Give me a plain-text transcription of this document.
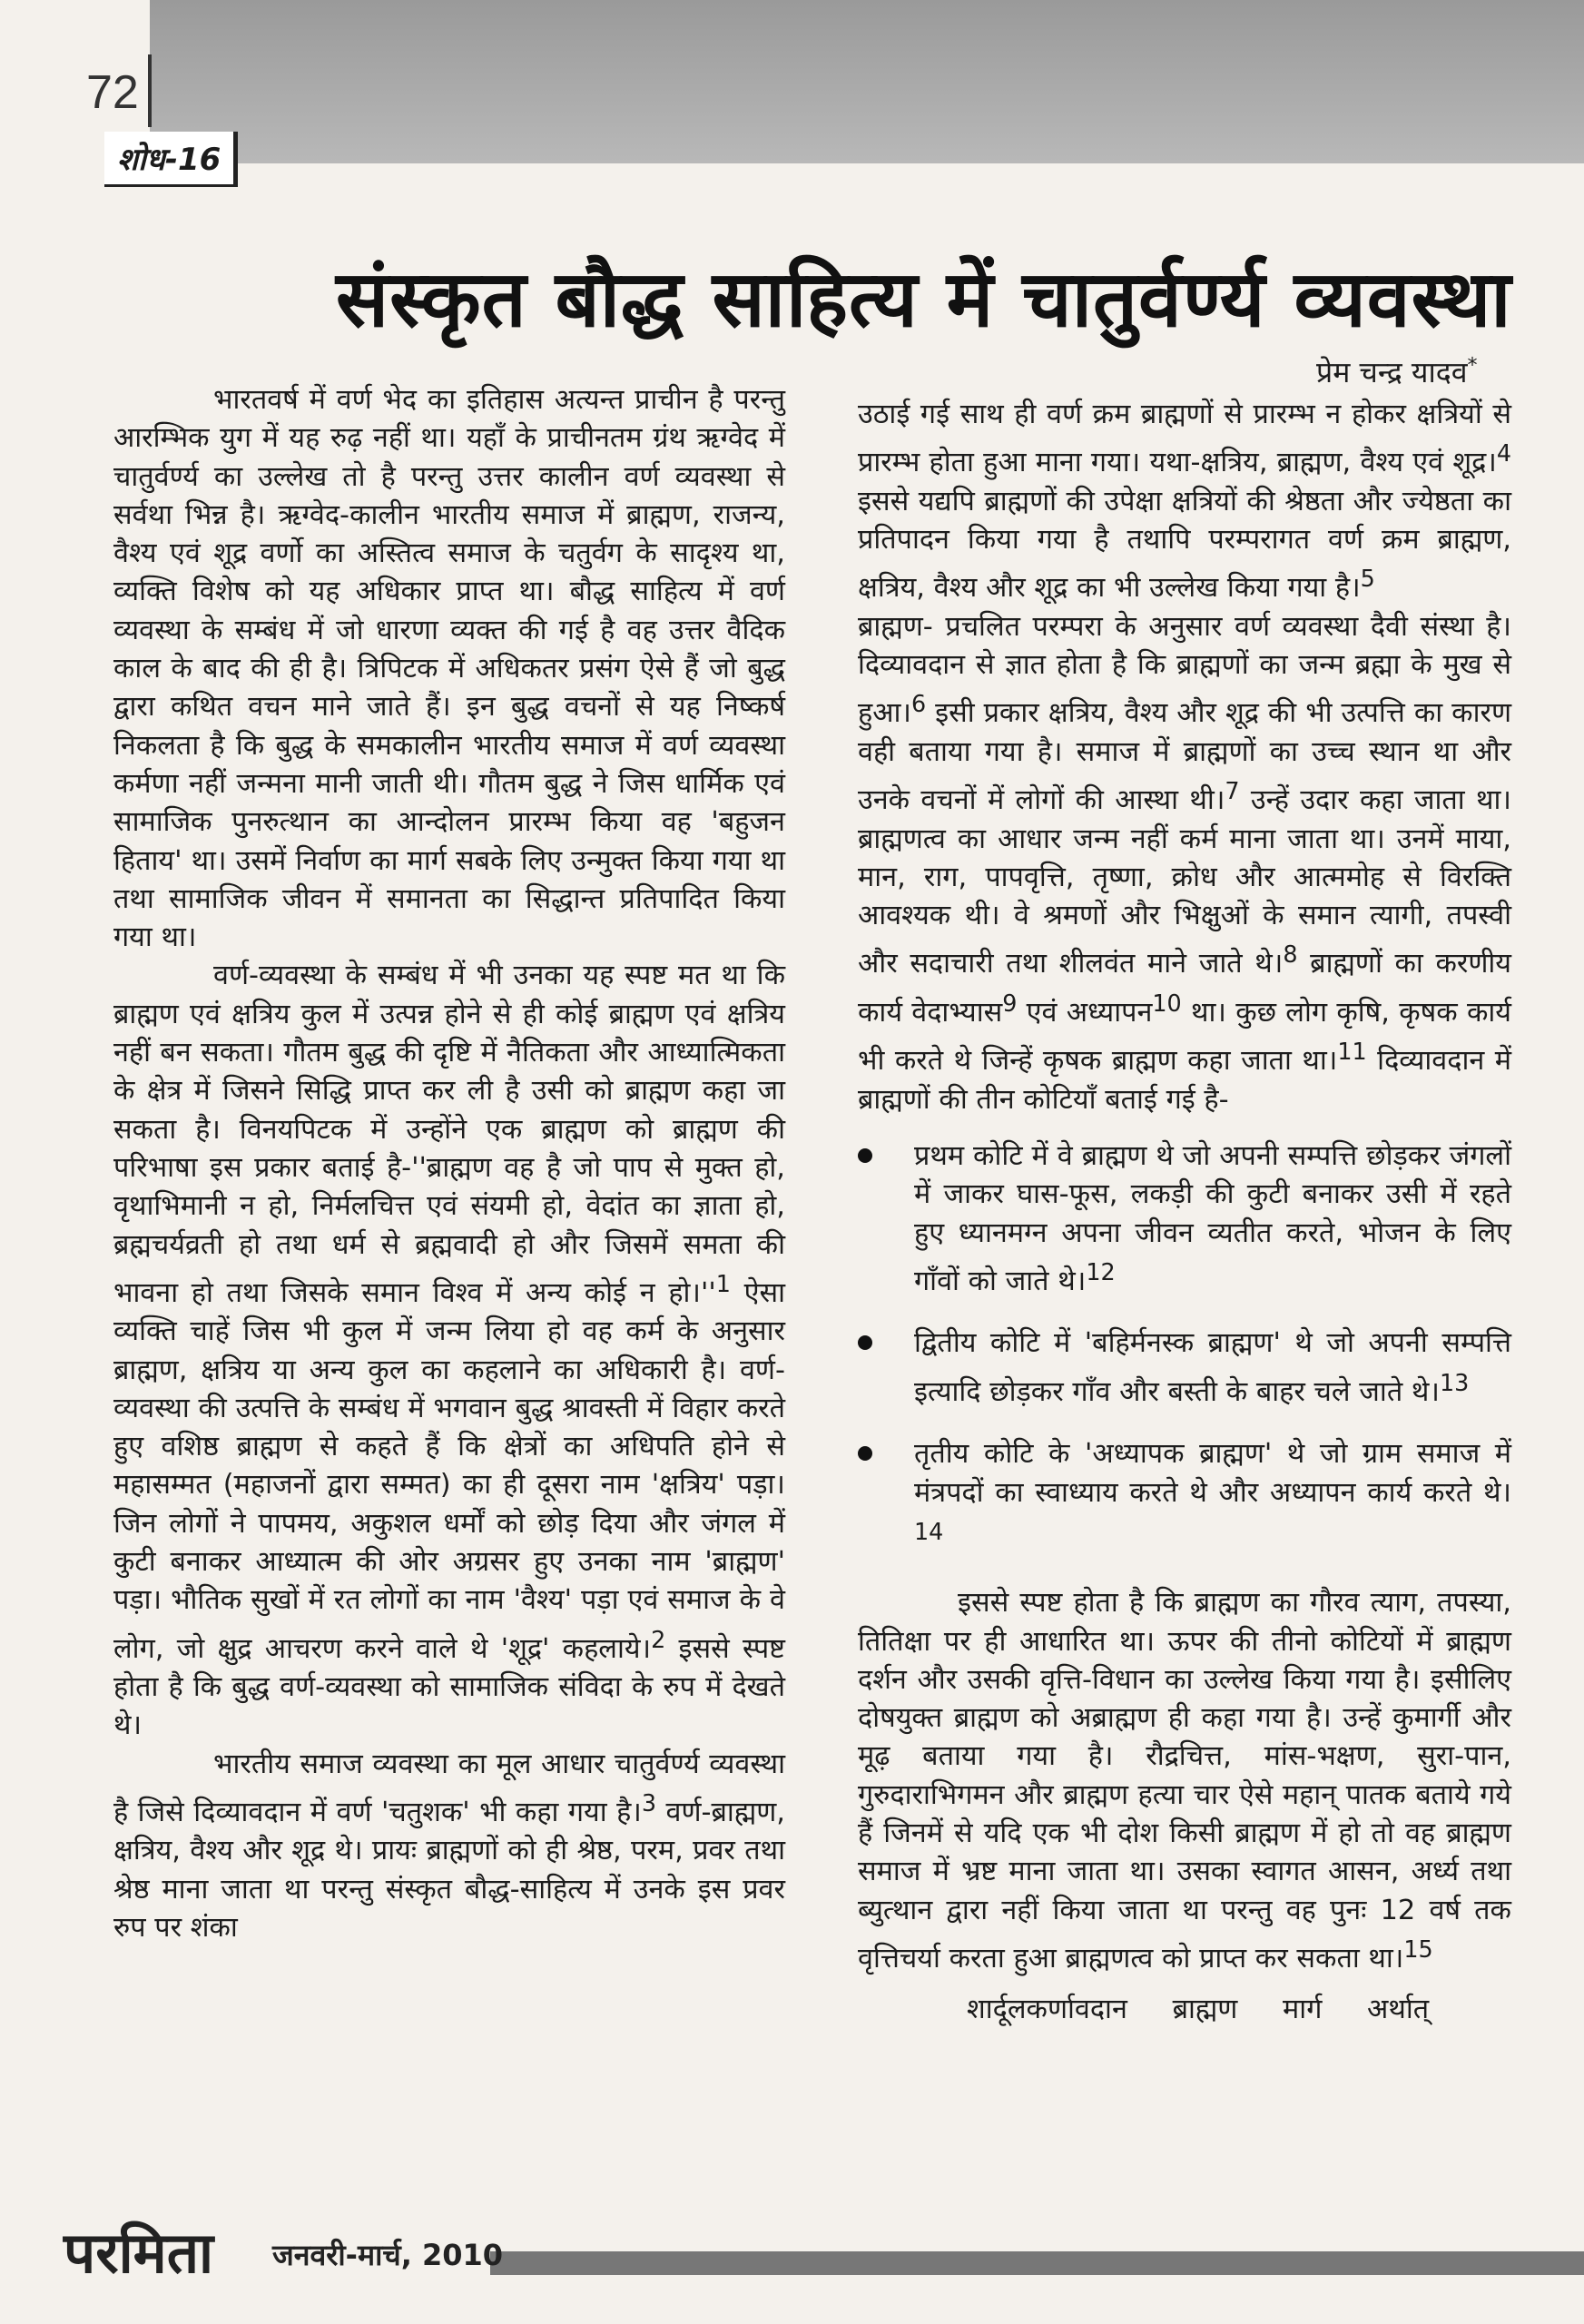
72
शोध-16
संस्कृत बौद्ध साहित्य में चातुर्वर्ण्य व्यवस्था
प्रेम चन्द्र यादव*

भारतवर्ष में वर्ण भेद का इतिहास अत्यन्त प्राचीन है परन्तु आरम्भिक युग में यह रुढ़ नहीं था। यहाँ के प्राचीनतम ग्रंथ ऋग्वेद में चातुर्वर्ण्य का उल्लेख तो है परन्तु उत्तर कालीन वर्ण व्यवस्था से सर्वथा भिन्न है। ऋग्वेद-कालीन भारतीय समाज में ब्राह्मण, राजन्य, वैश्य एवं शूद्र वर्णो का अस्तित्व समाज के चतुर्वग के सादृश्य था, व्यक्ति विशेष को यह अधिकार प्राप्त था। बौद्ध साहित्य में वर्ण व्यवस्था के सम्बंध में जो धारणा व्यक्त की गई है वह उत्तर वैदिक काल के बाद की ही है। त्रिपिटक में अधिकतर प्रसंग ऐसे हैं जो बुद्ध द्वारा कथित वचन माने जाते हैं। इन बुद्ध वचनों से यह निष्कर्ष निकलता है कि बुद्ध के समकालीन भारतीय समाज में वर्ण व्यवस्था कर्मणा नहीं जन्मना मानी जाती थी। गौतम बुद्ध ने जिस धार्मिक एवं सामाजिक पुनरुत्थान का आन्दोलन प्रारम्भ किया वह 'बहुजन हिताय' था। उसमें निर्वाण का मार्ग सबके लिए उन्मुक्त किया गया था तथा सामाजिक जीवन में समानता का सिद्धान्त प्रतिपादित किया गया था।

वर्ण-व्यवस्था के सम्बंध में भी उनका यह स्पष्ट मत था कि ब्राह्मण एवं क्षत्रिय कुल में उत्पन्न होने से ही कोई ब्राह्मण एवं क्षत्रिय नहीं बन सकता। गौतम बुद्ध की दृष्टि में नैतिकता और आध्यात्मिकता के क्षेत्र में जिसने सिद्धि प्राप्त कर ली है उसी को ब्राह्मण कहा जा सकता है। विनयपिटक में उन्होंने एक ब्राह्मण को ब्राह्मण की परिभाषा इस प्रकार बताई है-''ब्राह्मण वह है जो पाप से मुक्त हो, वृथाभिमानी न हो, निर्मलचित्त एवं संयमी हो, वेदांत का ज्ञाता हो, ब्रह्मचर्यव्रती हो तथा धर्म से ब्रह्मवादी हो और जिसमें समता की भावना हो तथा जिसके समान विश्व में अन्य कोई न $हो।''^1$ ऐसा व्यक्ति चाहें जिस भी कुल में जन्म लिया हो वह कर्म के अनुसार ब्राह्मण, क्षत्रिय या अन्य कुल का कहलाने का अधिकारी है। वर्ण-व्यवस्था की उत्पत्ति के सम्बंध में भगवान बुद्ध श्रावस्ती में विहार करते हुए वशिष्ठ ब्राह्मण से कहते हैं कि क्षेत्रों का अधिपति होने से महासम्मत (महाजनों द्वारा सम्मत) का ही दूसरा नाम 'क्षत्रिय' पड़ा। जिन लोगों ने पापमय, अकुशल धर्मों को छोड़ दिया और जंगल में कुटी बनाकर आध्यात्म की ओर अग्रसर हुए उनका नाम 'ब्राह्मण' पड़ा। भौतिक सुखों में रत लोगों का नाम 'वैश्य' पड़ा एवं समाज के वे लोग, जो क्षुद्र आचरण करने वाले थे 'शूद्र' कहलाये।$^2$ इससे स्पष्ट होता है कि बुद्ध वर्ण-व्यवस्था को सामाजिक संविदा के रुप में देखते थे।

भारतीय समाज व्यवस्था का मूल आधार चातुर्वर्ण्य व्यवस्था है जिसे दिव्यावदान में वर्ण 'चतुशक' भी कहा गया है।$^3$ वर्ण-ब्राह्मण, क्षत्रिय, वैश्य और शूद्र थे। प्रायः ब्राह्मणों को ही श्रेष्ठ, परम, प्रवर तथा श्रेष्ठ माना जाता था परन्तु संस्कृत बौद्ध-साहित्य में उनके इस प्रवर रुप पर शंका

उठाई गई साथ ही वर्ण क्रम ब्राह्मणों से प्रारम्भ न होकर क्षत्रियों से प्रारम्भ होता हुआ माना गया। यथा-क्षत्रिय, ब्राह्मण, वैश्य एवं शूद्र।$^4$ इससे यद्यपि ब्राह्मणों की उपेक्षा क्षत्रियों की श्रेष्ठता और ज्येष्ठता का प्रतिपादन किया गया है तथापि परम्परागत वर्ण क्रम ब्राह्मण, क्षत्रिय, वैश्य और शूद्र का भी उल्लेख किया गया है।$^5$

ब्राह्मण- प्रचलित परम्परा के अनुसार वर्ण व्यवस्था दैवी संस्था है। दिव्यावदान से ज्ञात होता है कि ब्राह्मणों का जन्म ब्रह्मा के मुख से हुआ।$^6$ इसी प्रकार क्षत्रिय, वैश्य और शूद्र की भी उत्पत्ति का कारण वही बताया गया है। समाज में ब्राह्मणों का उच्च स्थान था और उनके वचनों में लोगों की आस्था थी।$^7$ उन्हें उदार कहा जाता था। ब्राह्मणत्व का आधार जन्म नहीं कर्म माना जाता था। उनमें माया, मान, राग, पापवृत्ति, तृष्णा, क्रोध और आत्ममोह से विरक्ति आवश्यक थी। वे श्रमणों और भिक्षुओं के समान त्यागी, तपस्वी और सदाचारी तथा शीलवंत माने जाते थे।$^8$ ब्राह्मणों का करणीय कार्य वेदाभ्यास$^9$ एवं अध्यापन$^{10}$ था। कुछ लोग कृषि, कृषक कार्य भी करते थे जिन्हें कृषक ब्राह्मण कहा जाता था।$^{11}$ दिव्यावदान में ब्राह्मणों की तीन कोटियाँ बताई गई है-

प्रथम कोटि में वे ब्राह्मण थे जो अपनी सम्पत्ति छोड़कर जंगलों में जाकर घास-फूस, लकड़ी की कुटी बनाकर उसी में रहते हुए ध्यानमग्न अपना जीवन व्यतीत करते, भोजन के लिए गाँवों को जाते थे।$^{12}$
द्वितीय कोटि में 'बहिर्मनस्क ब्राह्मण' थे जो अपनी सम्पत्ति इत्यादि छोड़कर गाँव और बस्ती के बाहर चले जाते थे।$^{13}$
तृतीय कोटि के 'अध्यापक ब्राह्मण' थे जो ग्राम समाज में मंत्रपदों का स्वाध्याय करते थे और अध्यापन कार्य करते थे।$^{14}$

इससे स्पष्ट होता है कि ब्राह्मण का गौरव त्याग, तपस्या, तितिक्षा पर ही आधारित था। ऊपर की तीनो कोटियों में ब्राह्मण दर्शन और उसकी वृत्ति-विधान का उल्लेख किया गया है। इसीलिए दोषयुक्त ब्राह्मण को अब्राह्मण ही कहा गया है। उन्हें कुमार्गी और मूढ़ बताया गया है। रौद्रचित्त, मांस-भक्षण, सुरा-पान, गुरुदाराभिगमन और ब्राह्मण हत्या चार ऐसे महान् पातक बताये गये हैं जिनमें से यदि एक भी दोश किसी ब्राह्मण में हो तो वह ब्राह्मण समाज में भ्रष्ट माना जाता था। उसका स्वागत आसन, अर्ध्य तथा ब्युत्थान द्वारा नहीं किया जाता था परन्तु वह पुनः 12 वर्ष तक वृत्तिचर्या करता हुआ ब्राह्मणत्व को प्राप्त कर सकता था।$^{15}$

शार्दूलकर्णावदान ब्राह्मण मार्ग अर्थात्

परमिता जनवरी-मार्च, 2010
